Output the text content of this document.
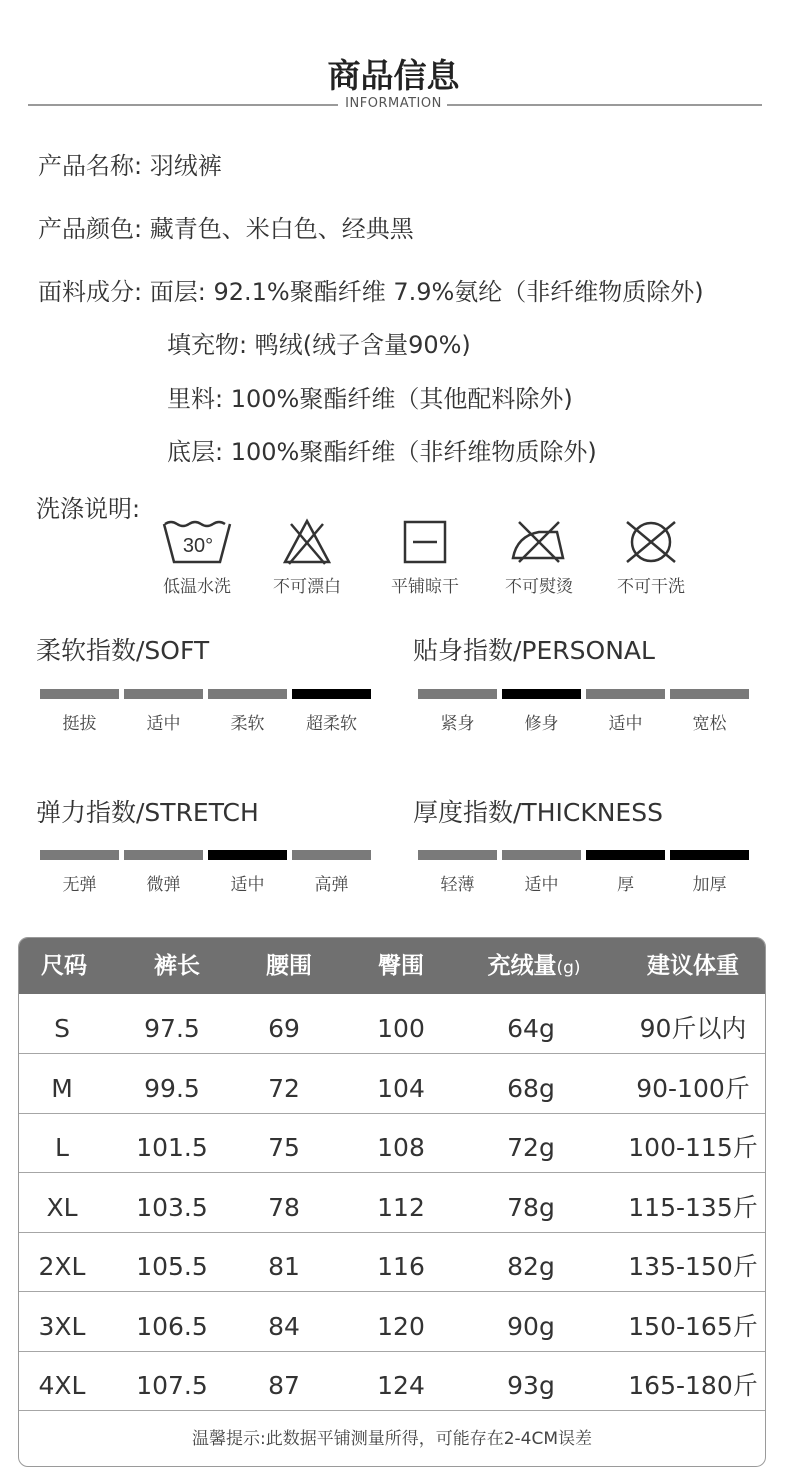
商品信息
INFORMATION
产品名称: 羽绒裤
产品颜色: 藏青色、米白色、经典黑
面料成分: 面层: 92.1%聚酯纤维 7.9%氨纶（非纤维物质除外)
填充物: 鸭绒(绒子含量90%)
里料: 100%聚酯纤维（其他配料除外)
底层: 100%聚酯纤维（非纤维物质除外)
洗涤说明:
30°
低温水洗	不可漂白	平铺晾干	不可熨烫	不可干洗
柔软指数/SOFT	贴身指数/PERSONAL
弹力指数/STRETCH	厚度指数/THICKNESS
挺拔	适中	柔软	超柔软	紧身	修身	适中	宽松
无弹	微弹	适中	高弹	轻薄	适中	厚	加厚
尺码	裤长	腰围	臀围	充绒量(g)	建议体重
S	97.5	69	100	64g	90斤以内
M	99.5	72	104	68g	90-100斤
L	101.5	75	108	72g	100-115斤
XL	103.5	78	112	78g	115-135斤
2XL	105.5	81	116	82g	135-150斤
3XL	106.5	84	120	90g	150-165斤
4XL	107.5	87	124	93g	165-180斤
温馨提示:此数据平铺测量所得，可能存在2-4CM误差
